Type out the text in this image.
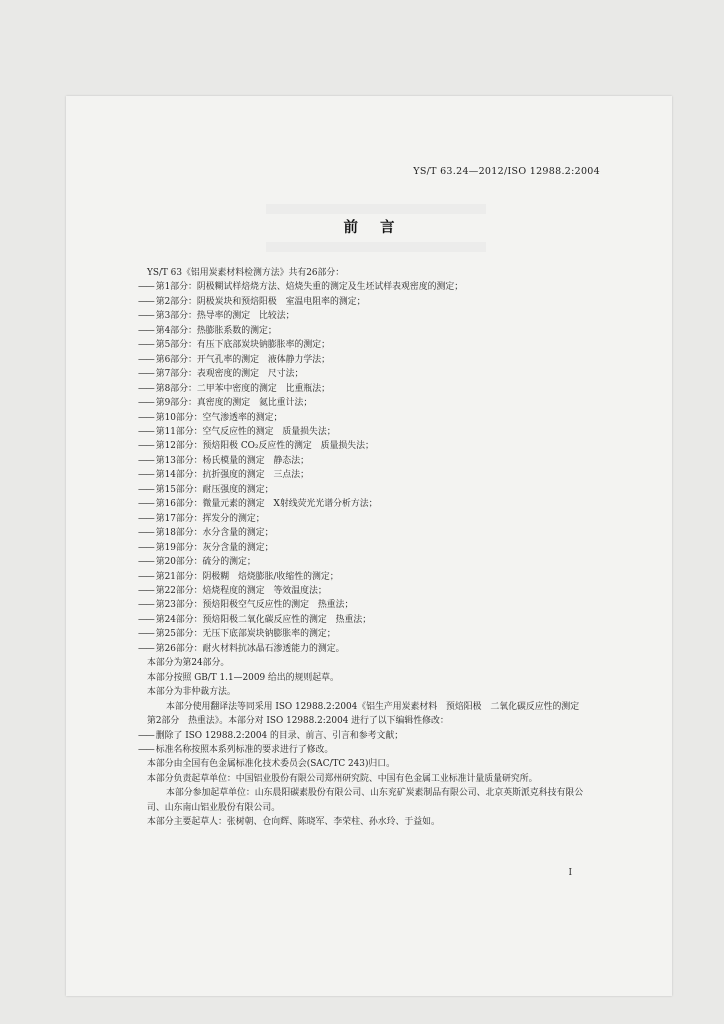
YS/T 63.24—2012/ISO 12988.2:2004
前言
YS/T 63《铝用炭素材料检测方法》共有26部分：
—— 第1部分：阴极糊试样焙烧方法、焙烧失重的测定及生坯试样表观密度的测定；
—— 第2部分：阴极炭块和预焙阳极　室温电阻率的测定；
—— 第3部分：热导率的测定　比较法；
—— 第4部分：热膨胀系数的测定；
—— 第5部分：有压下底部炭块钠膨胀率的测定；
—— 第6部分：开气孔率的测定　液体静力学法；
—— 第7部分：表观密度的测定　尺寸法；
—— 第8部分：二甲苯中密度的测定　比重瓶法；
—— 第9部分：真密度的测定　氦比重计法；
—— 第10部分：空气渗透率的测定；
—— 第11部分：空气反应性的测定　质量损失法；
—— 第12部分：预焙阳极 CO₂反应性的测定　质量损失法；
—— 第13部分：杨氏模量的测定　静态法；
—— 第14部分：抗折强度的测定　三点法；
—— 第15部分：耐压强度的测定；
—— 第16部分：微量元素的测定　X射线荧光光谱分析方法；
—— 第17部分：挥发分的测定；
—— 第18部分：水分含量的测定；
—— 第19部分：灰分含量的测定；
—— 第20部分：硫分的测定；
—— 第21部分：阴极糊　焙烧膨胀/收缩性的测定；
—— 第22部分：焙烧程度的测定　等效温度法；
—— 第23部分：预焙阳极空气反应性的测定　热重法；
—— 第24部分：预焙阳极二氧化碳反应性的测定　热重法；
—— 第25部分：无压下底部炭块钠膨胀率的测定；
—— 第26部分：耐火材料抗冰晶石渗透能力的测定。
本部分为第24部分。
本部分按照 GB/T 1.1—2009 给出的规则起草。
本部分为非仲裁方法。
本部分使用翻译法等同采用 ISO 12988.2:2004《铝生产用炭素材料　预焙阳极　二氧化碳反应性的测定　第2部分　热重法》。本部分对 ISO 12988.2:2004 进行了以下编辑性修改：
—— 删除了 ISO 12988.2:2004 的目录、前言、引言和参考文献；
—— 标准名称按照本系列标准的要求进行了修改。
本部分由全国有色金属标准化技术委员会(SAC/TC 243)归口。
本部分负责起草单位：中国铝业股份有限公司郑州研究院、中国有色金属工业标准计量质量研究所。
本部分参加起草单位：山东晨阳碳素股份有限公司、山东兖矿炭素制品有限公司、北京英斯派克科技有限公司、山东南山铝业股份有限公司。
本部分主要起草人：张树朝、仓向辉、陈晓军、李荣柱、孙水玲、于益如。
I
